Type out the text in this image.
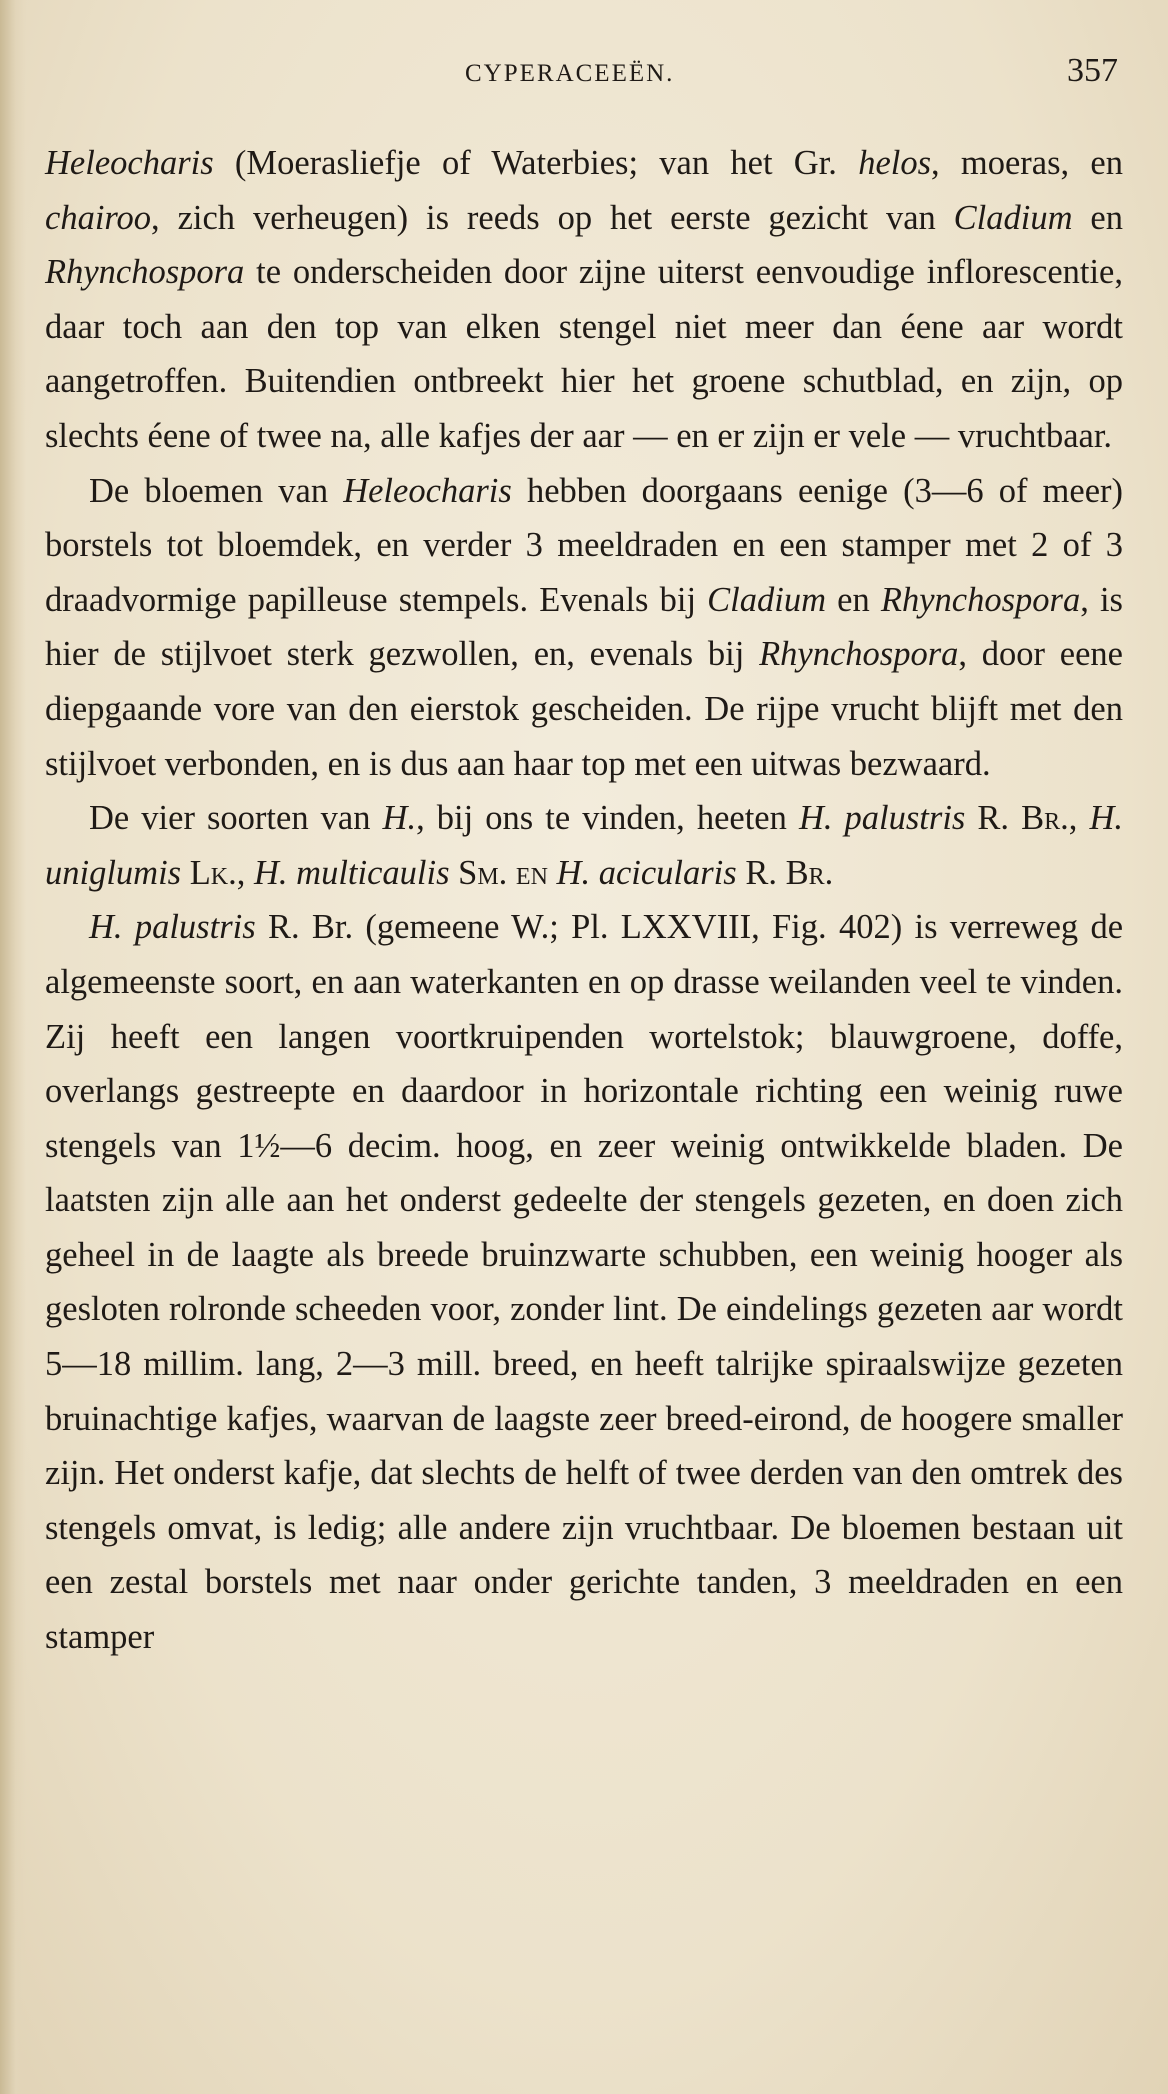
CYPERACEEËN.	357

Heleocharis (Moerasliefje of Waterbies; van het Gr. helos, moeras, en chairoo, zich verheugen) is reeds op het eerste gezicht van Cladium en Rhynchospora te onderscheiden door zijne uiterst eenvoudige inflorescentie, daar toch aan den top van elken stengel niet meer dan éene aar wordt aangetroffen. Buitendien ontbreekt hier het groene schutblad, en zijn, op slechts éene of twee na, alle kafjes der aar — en er zijn er vele — vruchtbaar.

De bloemen van Heleocharis hebben doorgaans eenige (3—6 of meer) borstels tot bloemdek, en verder 3 meeldraden en een stamper met 2 of 3 draadvormige papilleuse stempels. Evenals bij Cladium en Rhynchospora, is hier de stijlvoet sterk gezwollen, en, evenals bij Rhynchospora, door eene diepgaande vore van den eierstok gescheiden. De rijpe vrucht blijft met den stijlvoet verbonden, en is dus aan haar top met een uitwas bezwaard.

De vier soorten van H., bij ons te vinden, heeten H. palustris R. Br., H. uniglumis Lk., H. multicaulis Sm. en H. acicularis R. Br.

H. palustris R. Br. (gemeene W.; Pl. LXXVIII, Fig. 402) is verreweg de algemeenste soort, en aan waterkanten en op drasse weilanden veel te vinden. Zij heeft een langen voortkruipenden wortelstok; blauwgroene, doffe, overlangs gestreepte en daardoor in horizontale richting een weinig ruwe stengels van 1½—6 decim. hoog, en zeer weinig ontwikkelde bladen. De laatsten zijn alle aan het onderst gedeelte der stengels gezeten, en doen zich geheel in de laagte als breede bruinzwarte schubben, een weinig hooger als gesloten rolronde scheeden voor, zonder lint. De eindelings gezeten aar wordt 5—18 millim. lang, 2—3 mill. breed, en heeft talrijke spiraalswijze gezeten bruinachtige kafjes, waarvan de laagste zeer breed-eirond, de hoogere smaller zijn. Het onderst kafje, dat slechts de helft of twee derden van den omtrek des stengels omvat, is ledig; alle andere zijn vruchtbaar. De bloemen bestaan uit een zestal borstels met naar onder gerichte tanden, 3 meeldraden en een stamper
